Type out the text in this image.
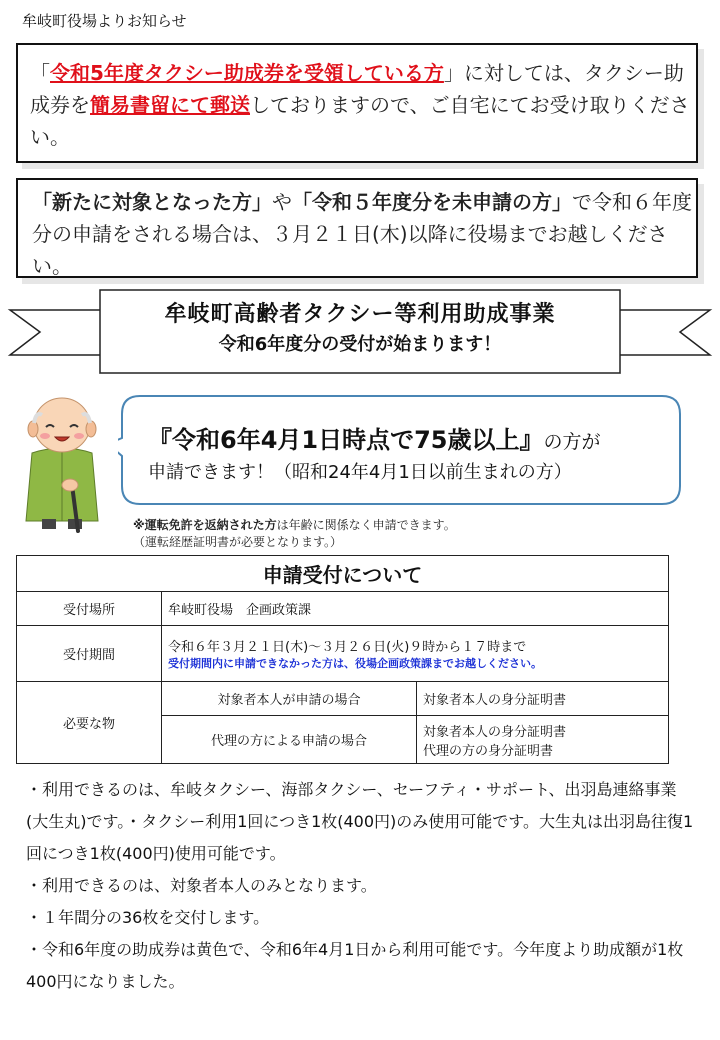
牟岐町役場よりお知らせ
「令和5年度タクシー助成券を受領している方」に対しては、タクシー助成券を簡易書留にて郵送しておりますので、ご自宅にてお受け取りください。
「新たに対象となった方」や「令和５年度分を未申請の方」で令和６年度分の申請をされる場合は、３月２１日(木)以降に役場までお越しください。
牟岐町高齢者タクシー等利用助成事業
令和6年度分の受付が始まります！
『令和6年4月1日時点で75歳以上』の方が
申請できます！（昭和24年4月1日以前生まれの方）
※運転免許を返納された方は年齢に関係なく申請できます。
（運転経歴証明書が必要となります。）
申請受付について		
受付場所	牟岐町役場　企画政策課	
受付期間	令和６年３月２１日(木)～３月２６日(火)９時から１７時まで
受付期間内に申請できなかった方は、役場企画政策課までお越しください。	

必要な物	対象者本人が申請の場合	対象者本人の身分証明書
	代理の方による申請の場合	対象者本人の身分証明書
代理の方の身分証明書
・利用できるのは、牟岐タクシー、海部タクシー、セーフティ・サポート、出羽島連絡事業(大生丸)です。・タクシー利用1回につき1枚(400円)のみ使用可能です。大生丸は出羽島往復1回につき1枚(400円)使用可能です。
・利用できるのは、対象者本人のみとなります。
・１年間分の36枚を交付します。
・令和6年度の助成券は黄色で、令和6年4月1日から利用可能です。今年度より助成額が1枚400円になりました。
